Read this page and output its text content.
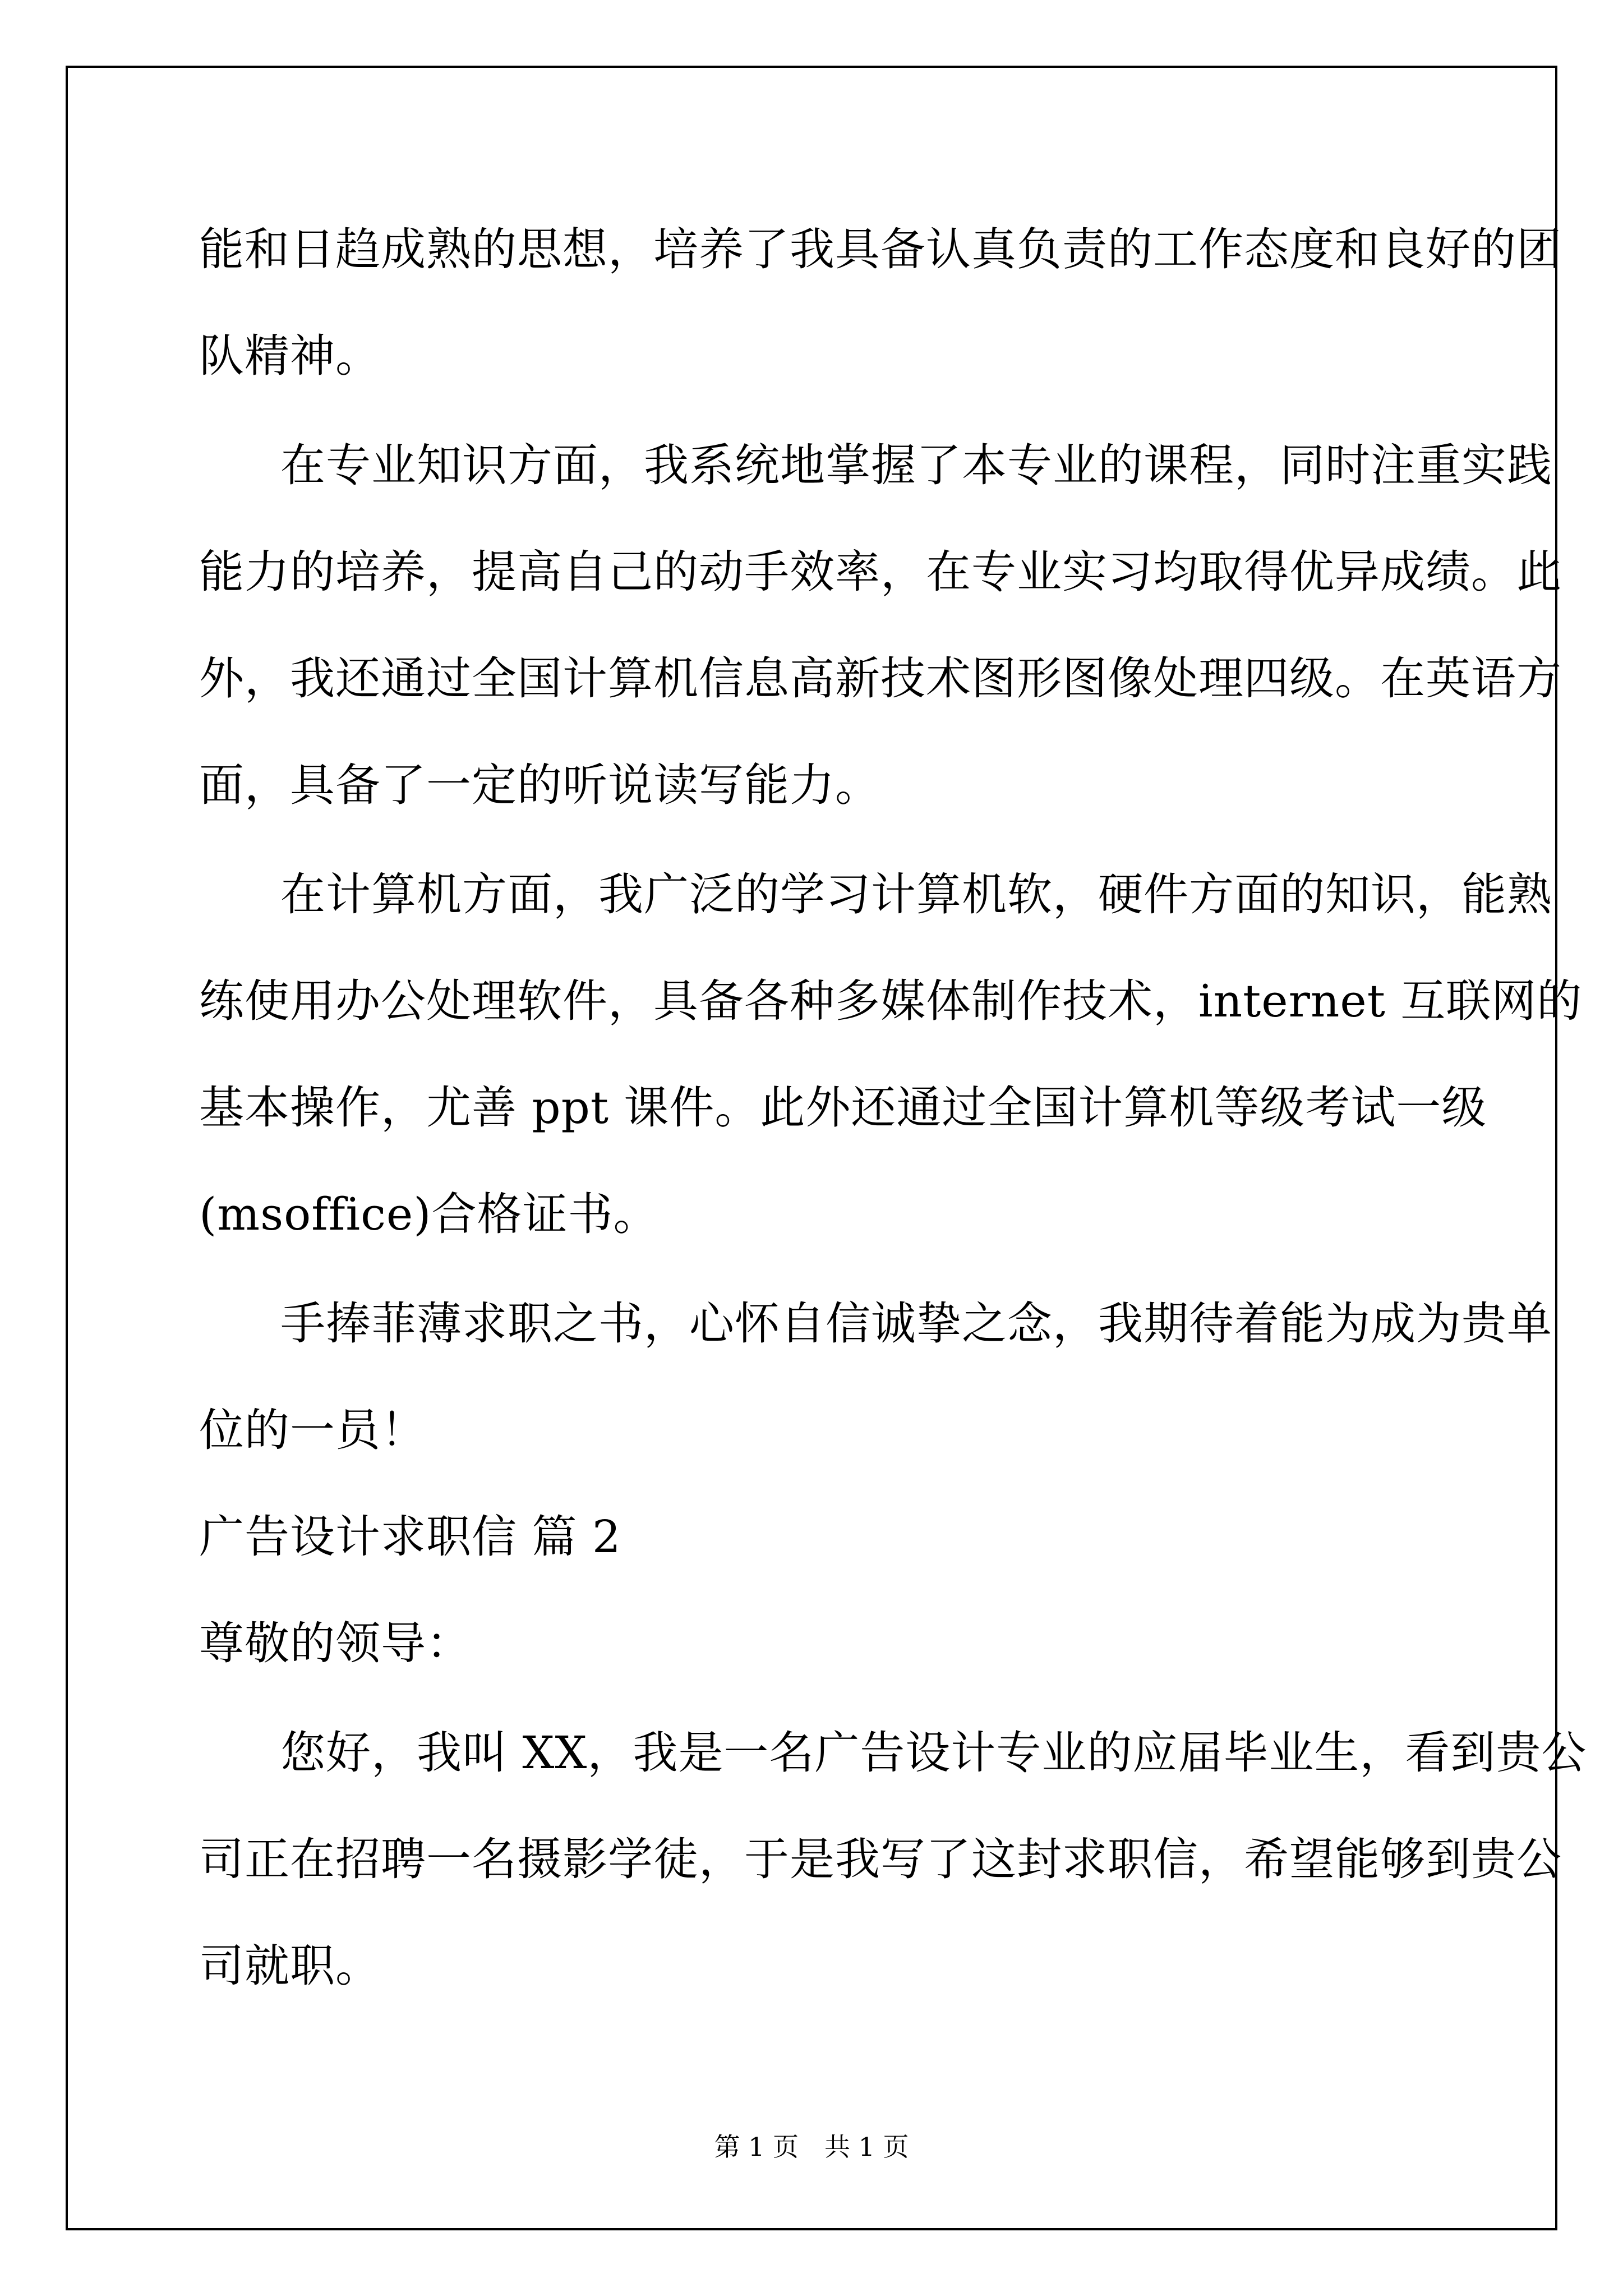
能和日趋成熟的思想，培养了我具备认真负责的工作态度和良好的团
队精神。
在专业知识方面，我系统地掌握了本专业的课程，同时注重实践
能力的培养，提高自己的动手效率，在专业实习均取得优异成绩。此
外，我还通过全国计算机信息高新技术图形图像处理四级。在英语方
面，具备了一定的听说读写能力。
在计算机方面，我广泛的学习计算机软，硬件方面的知识，能熟
练使用办公处理软件，具备各种多媒体制作技术，internet 互联网的
基本操作，尤善 ppt 课件。此外还通过全国计算机等级考试一级
(msoffice)合格证书。
手捧菲薄求职之书，心怀自信诚挚之念，我期待着能为成为贵单
位的一员！
广告设计求职信 篇 2
尊敬的领导：
您好，我叫 XX，我是一名广告设计专业的应届毕业生，看到贵公
司正在招聘一名摄影学徒，于是我写了这封求职信，希望能够到贵公
司就职。
第 1 页　共 1 页
